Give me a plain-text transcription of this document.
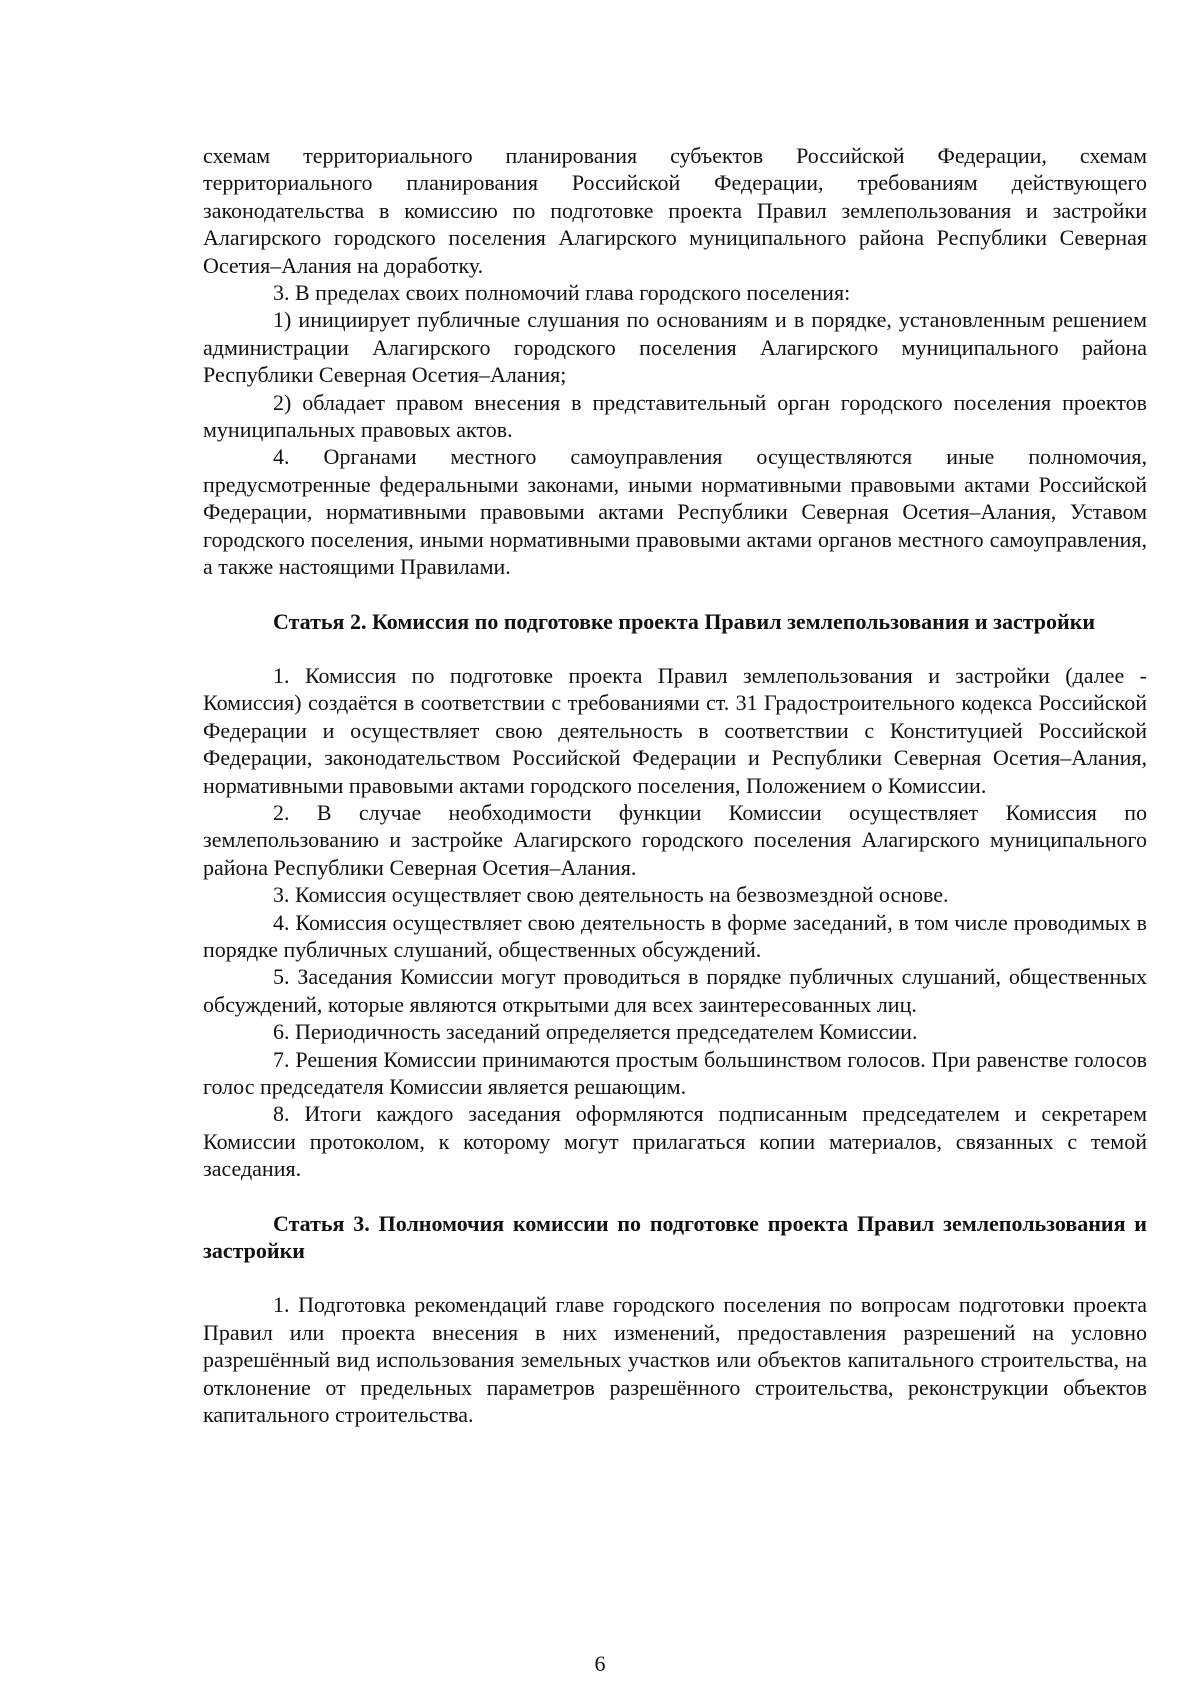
схемам территориального планирования субъектов Российской Федерации, схемам территориального планирования Российской Федерации, требованиям действующего законодательства в комиссию по подготовке проекта Правил землепользования и застройки Алагирского городского поселения Алагирского муниципального района Республики Северная Осетия–Алания на доработку.

3. В пределах своих полномочий глава городского поселения:

1) инициирует публичные слушания по основаниям и в порядке, установленным решением администрации Алагирского городского поселения Алагирского муниципального района Республики Северная Осетия–Алания;

2) обладает правом внесения в представительный орган городского поселения проектов муниципальных правовых актов.

4. Органами местного самоуправления осуществляются иные полномочия, предусмотренные федеральными законами, иными нормативными правовыми актами Российской Федерации, нормативными правовыми актами Республики Северная Осетия–Алания, Уставом городского поселения, иными нормативными правовыми актами органов местного самоуправления, а также настоящими Правилами.

Статья 2. Комиссия по подготовке проекта Правил землепользования и застройки

1. Комиссия по подготовке проекта Правил землепользования и застройки (далее - Комиссия) создаётся в соответствии с требованиями ст. 31 Градостроительного кодекса Российской Федерации и осуществляет свою деятельность в соответствии с Конституцией Российской Федерации, законодательством Российской Федерации и Республики Северная Осетия–Алания, нормативными правовыми актами городского поселения, Положением о Комиссии.

2. В случае необходимости функции Комиссии осуществляет Комиссия по землепользованию и застройке Алагирского городского поселения Алагирского муниципального района Республики Северная Осетия–Алания.

3. Комиссия осуществляет свою деятельность на безвозмездной основе.

4. Комиссия осуществляет свою деятельность в форме заседаний, в том числе проводимых в порядке публичных слушаний, общественных обсуждений.

5. Заседания Комиссии могут проводиться в порядке публичных слушаний, общественных обсуждений, которые являются открытыми для всех заинтересованных лиц.

6. Периодичность заседаний определяется председателем Комиссии.

7. Решения Комиссии принимаются простым большинством голосов. При равенстве голосов голос председателя Комиссии является решающим.

8. Итоги каждого заседания оформляются подписанным председателем и секретарем Комиссии протоколом, к которому могут прилагаться копии материалов, связанных с темой заседания.

Статья 3. Полномочия комиссии по подготовке проекта Правил землепользования и застройки

1. Подготовка рекомендаций главе городского поселения по вопросам подготовки проекта Правил или проекта внесения в них изменений, предоставления разрешений на условно разрешённый вид использования земельных участков или объектов капитального строительства, на отклонение от предельных параметров разрешённого строительства, реконструкции объектов капитального строительства.

6
